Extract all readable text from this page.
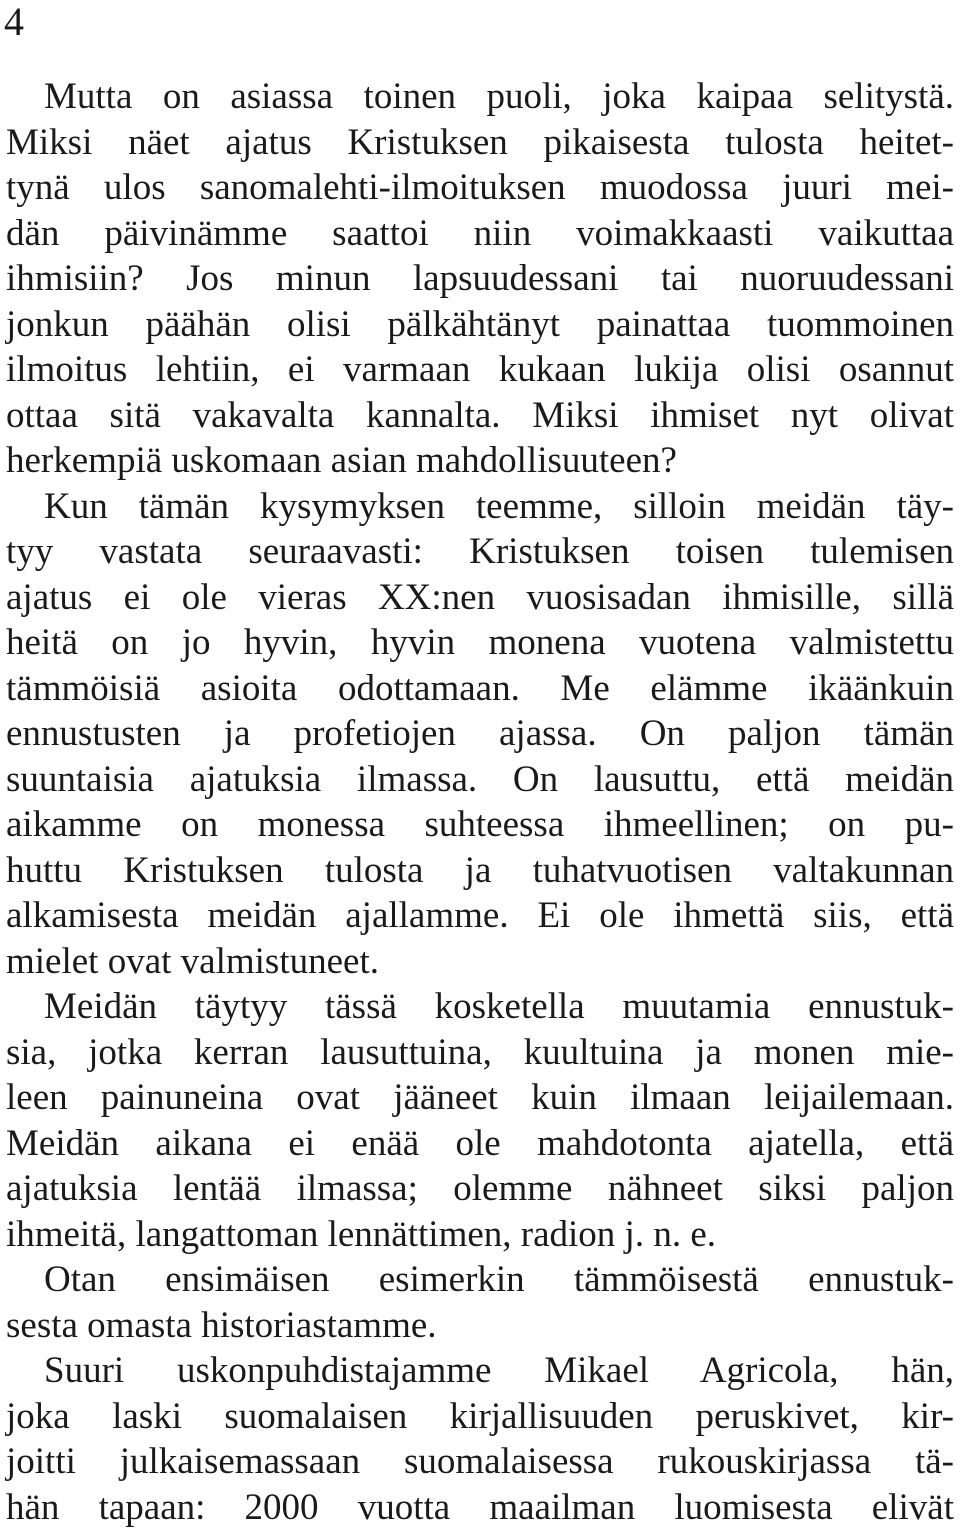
4
Mutta on asiassa toinen puoli, joka kaipaa selitystä.
Miksi näet ajatus Kristuksen pikaisesta tulosta heitet-
tynä ulos sanomalehti-ilmoituksen muodossa juuri mei-
dän päivinämme saattoi niin voimakkaasti vaikuttaa
ihmisiin? Jos minun lapsuudessani tai nuoruudessani
jonkun päähän olisi pälkähtänyt painattaa tuommoinen
ilmoitus lehtiin, ei varmaan kukaan lukija olisi osannut
ottaa sitä vakavalta kannalta. Miksi ihmiset nyt olivat
herkempiä uskomaan asian mahdollisuuteen?
Kun tämän kysymyksen teemme, silloin meidän täy-
tyy vastata seuraavasti: Kristuksen toisen tulemisen
ajatus ei ole vieras XX:nen vuosisadan ihmisille, sillä
heitä on jo hyvin, hyvin monena vuotena valmistettu
tämmöisiä asioita odottamaan. Me elämme ikäänkuin
ennustusten ja profetiojen ajassa. On paljon tämän
suuntaisia ajatuksia ilmassa. On lausuttu, että meidän
aikamme on monessa suhteessa ihmeellinen; on pu-
huttu Kristuksen tulosta ja tuhatvuotisen valtakunnan
alkamisesta meidän ajallamme. Ei ole ihmettä siis, että
mielet ovat valmistuneet.
Meidän täytyy tässä kosketella muutamia ennustuk-
sia, jotka kerran lausuttuina, kuultuina ja monen mie-
leen painuneina ovat jääneet kuin ilmaan leijailemaan.
Meidän aikana ei enää ole mahdotonta ajatella, että
ajatuksia lentää ilmassa; olemme nähneet siksi paljon
ihmeitä, langattoman lennättimen, radion j. n. e.
Otan ensimäisen esimerkin tämmöisestä ennustuk-
sesta omasta historiastamme.
Suuri uskonpuhdistajamme Mikael Agricola, hän,
joka laski suomalaisen kirjallisuuden peruskivet, kir-
joitti julkaisemassaan suomalaisessa rukouskirjassa tä-
hän tapaan: 2000 vuotta maailman luomisesta elivät
